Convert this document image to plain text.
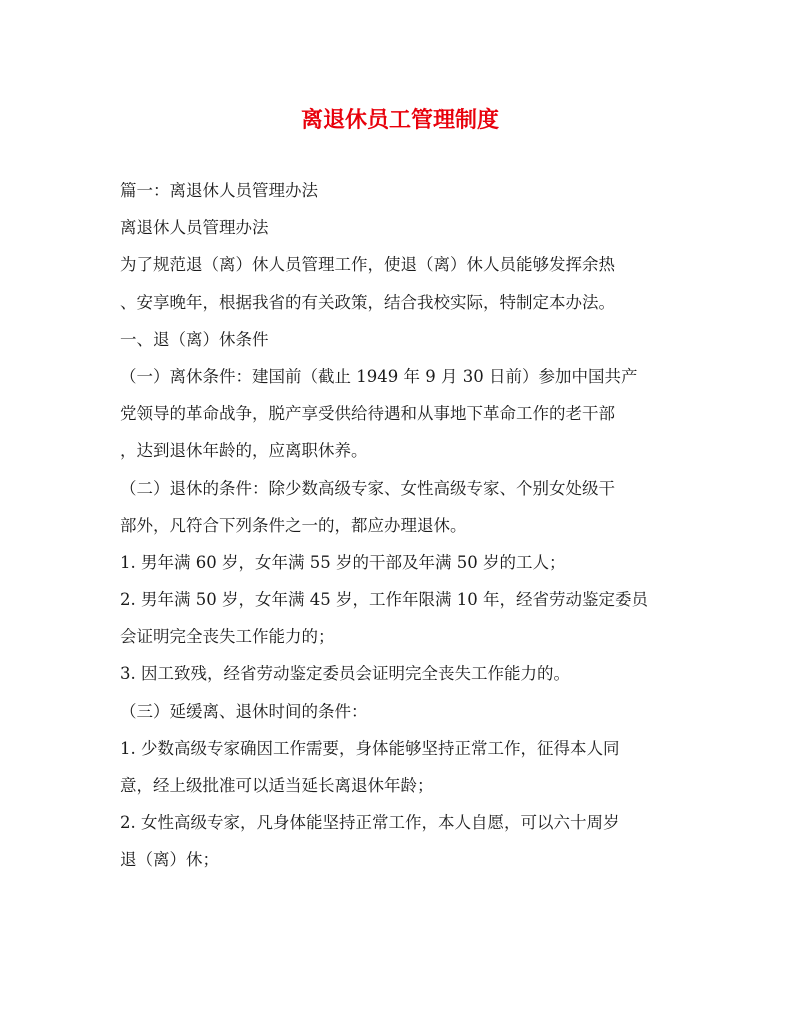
离退休员工管理制度

篇一：离退休人员管理办法

离退休人员管理办法

为了规范退（离）休人员管理工作，使退（离）休人员能够发挥余热

、安享晚年，根据我省的有关政策，结合我校实际，特制定本办法。

一、退（离）休条件

（一）离休条件：建国前（截止 1949 年 9 月 30 日前）参加中国共产

党领导的革命战争，脱产享受供给待遇和从事地下革命工作的老干部

，达到退休年龄的，应离职休养。

（二）退休的条件：除少数高级专家、女性高级专家、个别女处级干

部外，凡符合下列条件之一的，都应办理退休。

1. 男年满 60 岁，女年满 55 岁的干部及年满 50 岁的工人；

2. 男年满 50 岁，女年满 45 岁，工作年限满 10 年，经省劳动鉴定委员

会证明完全丧失工作能力的；

3. 因工致残，经省劳动鉴定委员会证明完全丧失工作能力的。

（三）延缓离、退休时间的条件：

1. 少数高级专家确因工作需要，身体能够坚持正常工作，征得本人同

意，经上级批准可以适当延长离退休年龄；

2. 女性高级专家，凡身体能坚持正常工作，本人自愿，可以六十周岁

退（离）休；
